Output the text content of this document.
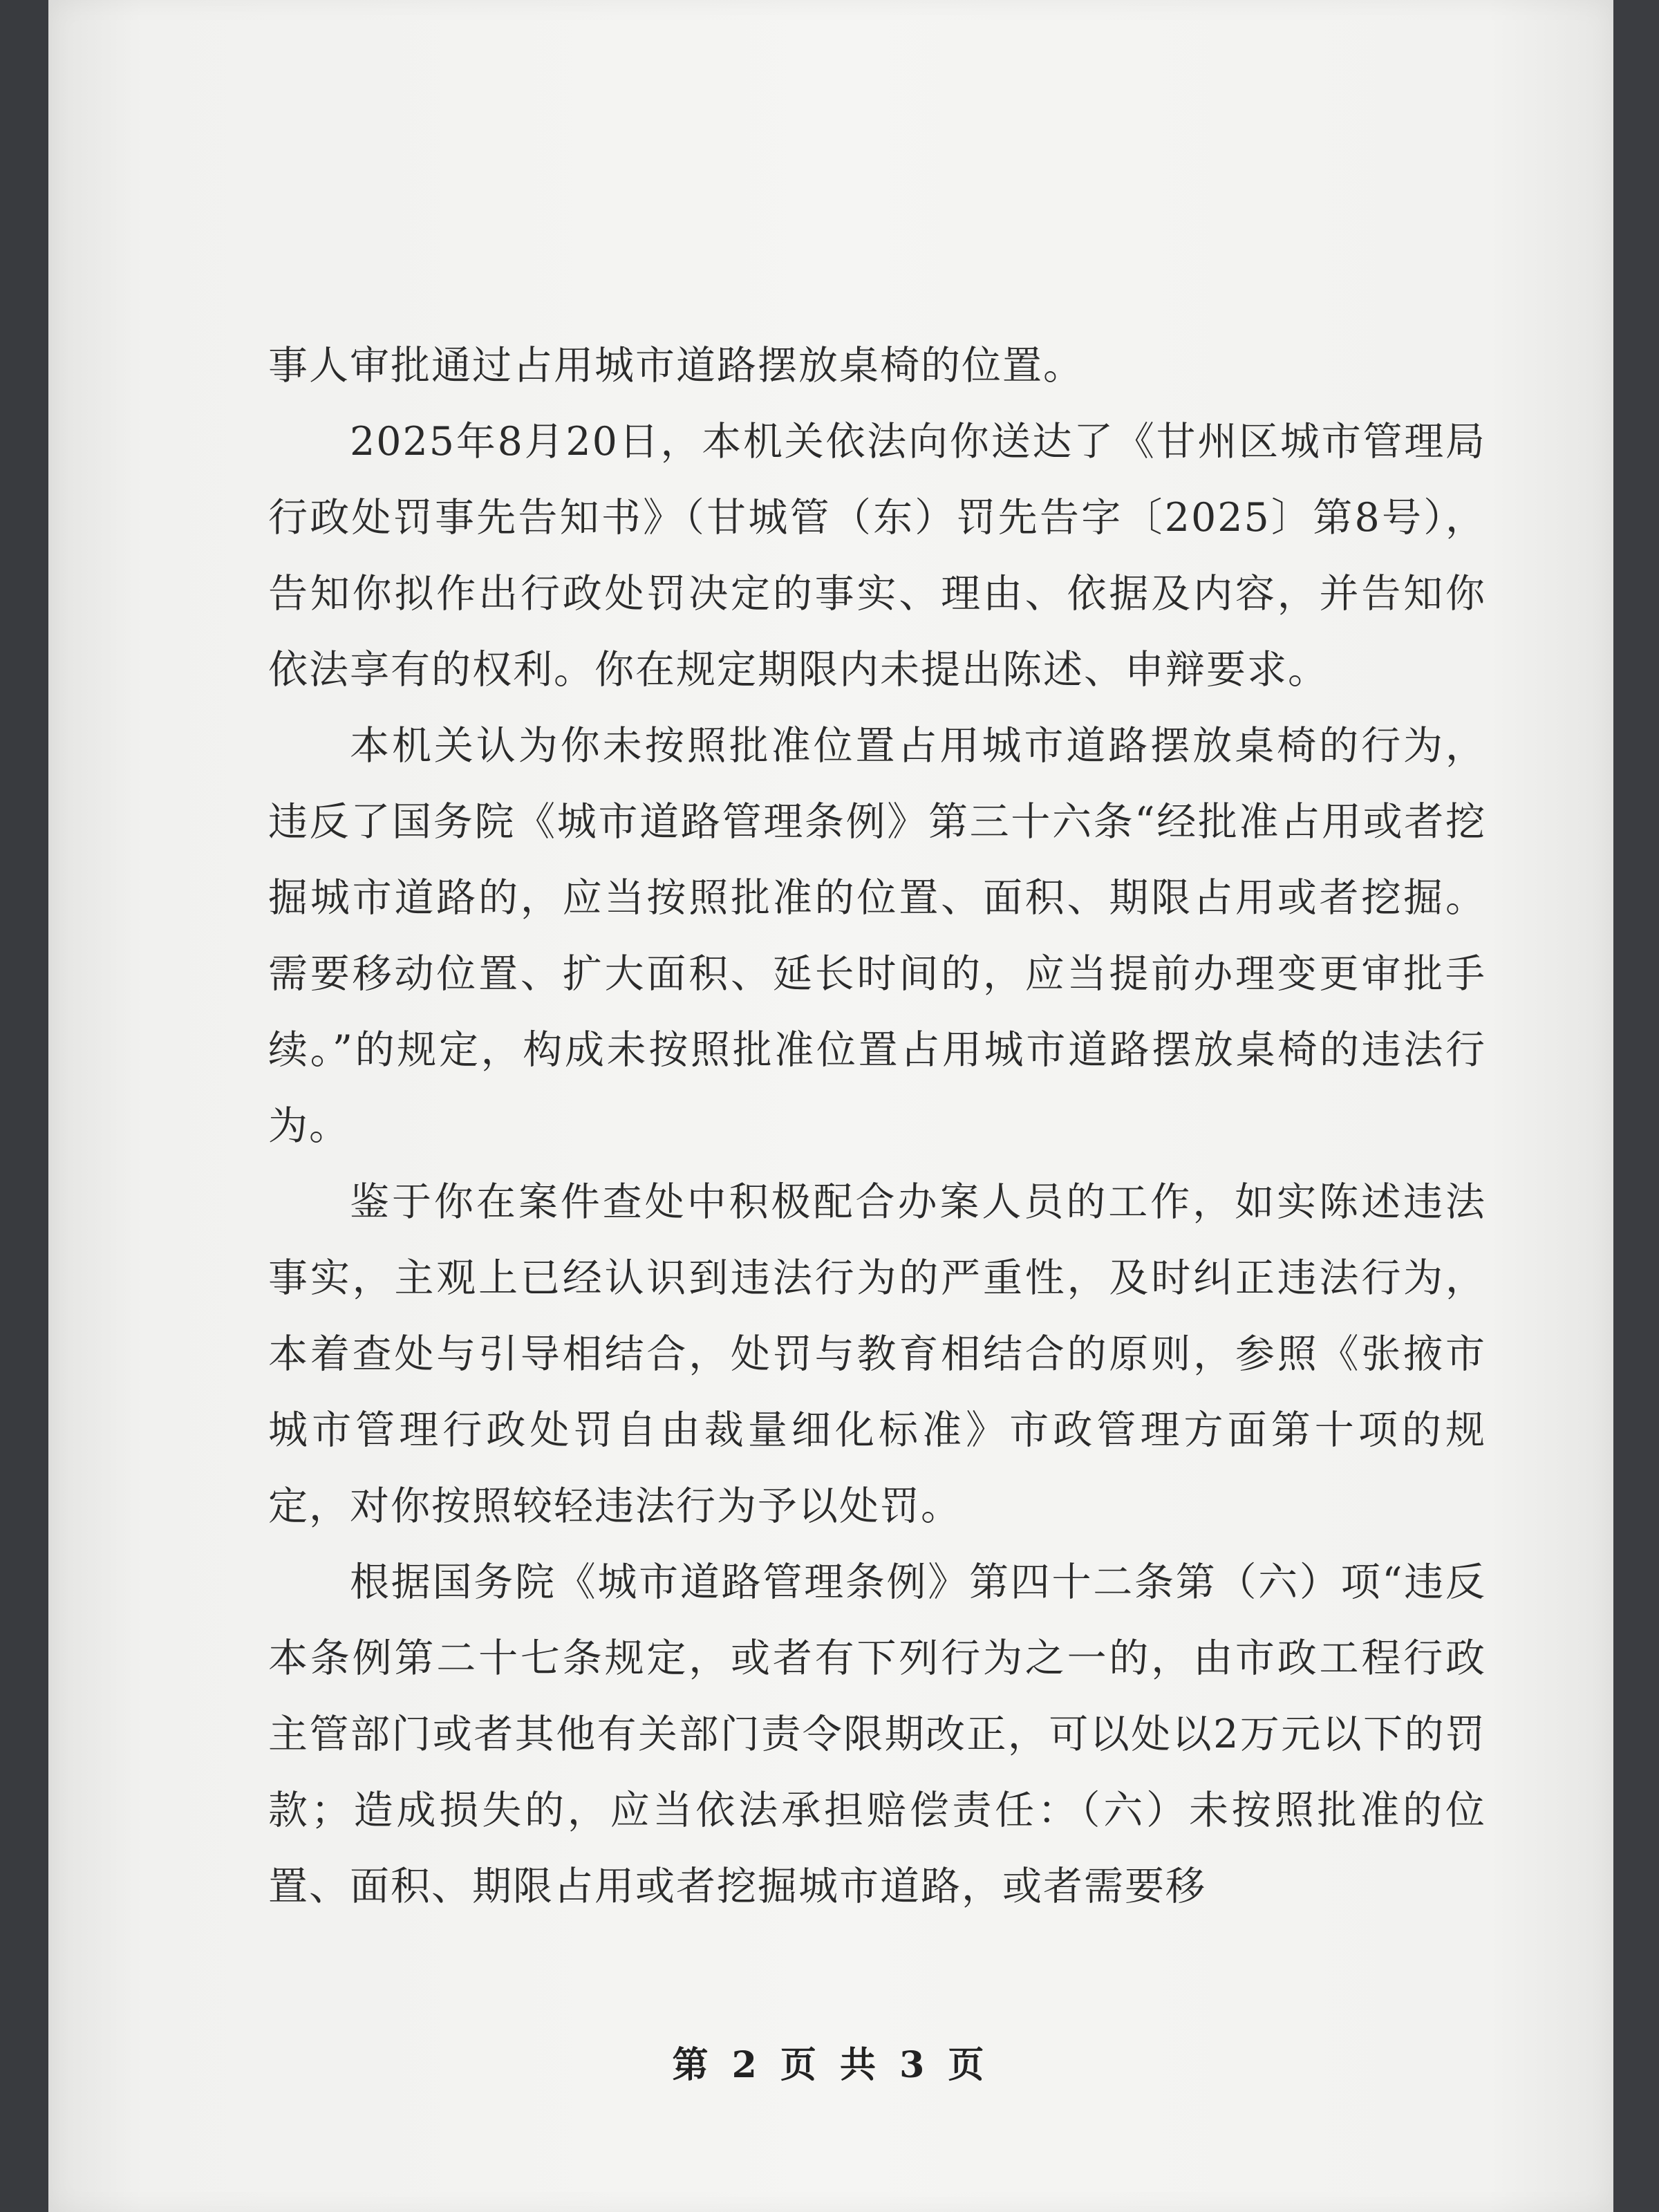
事人审批通过占用城市道路摆放桌椅的位置。

2025年8月20日，本机关依法向你送达了《甘州区城市管理局行政处罚事先告知书》（甘城管（东）罚先告字〔2025〕第8号），告知你拟作出行政处罚决定的事实、理由、依据及内容，并告知你依法享有的权利。你在规定期限内未提出陈述、申辩要求。

本机关认为你未按照批准位置占用城市道路摆放桌椅的行为，违反了国务院《城市道路管理条例》第三十六条“经批准占用或者挖掘城市道路的，应当按照批准的位置、面积、期限占用或者挖掘。需要移动位置、扩大面积、延长时间的，应当提前办理变更审批手续。”的规定，构成未按照批准位置占用城市道路摆放桌椅的违法行为。

鉴于你在案件查处中积极配合办案人员的工作，如实陈述违法事实，主观上已经认识到违法行为的严重性，及时纠正违法行为，本着查处与引导相结合，处罚与教育相结合的原则，参照《张掖市城市管理行政处罚自由裁量细化标准》市政管理方面第十项的规定，对你按照较轻违法行为予以处罚。

根据国务院《城市道路管理条例》第四十二条第（六）项“违反本条例第二十七条规定，或者有下列行为之一的，由市政工程行政主管部门或者其他有关部门责令限期改正，可以处以2万元以下的罚款；造成损失的，应当依法承担赔偿责任：（六）未按照批准的位置、面积、期限占用或者挖掘城市道路，或者需要移

第 2 页 共 3 页
